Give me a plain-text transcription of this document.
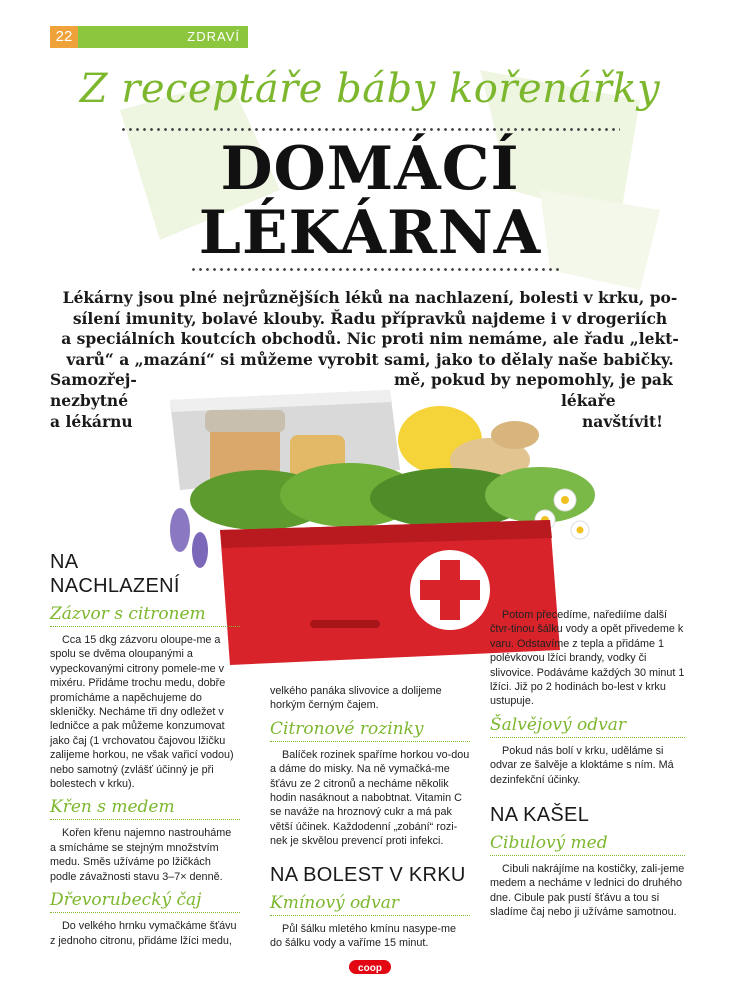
22	ZDRAVÍ
Z receptáře báby kořenářky
DOMÁCÍ
LÉKÁRNA
Lékárny jsou plné nejrůznějších léků na nachlazení, bolesti v krku, po-
sílení imunity, bolavé klouby. Řadu přípravků najdeme i v drogeriích
a speciálních koutcích obchodů. Nic proti nim nemáme, ale řadu „lekt-
varů“ a „mazání“ si můžeme vyrobit sami, jako to dělaly naše babičky.
Samozřej-
nezbytné
a lékárnu
mě, pokud by nepomohly, je pak
lékaře
navštívit!
NA
NACHLAZENÍ
Zázvor s citronem

Cca 15 dkg zázvoru oloupe-me a spolu se dvěma oloupanými a vypeckovanými citrony pomele-me v mixéru. Přidáme trochu medu, dobře promícháme a napěchujeme do skleničky. Necháme tři dny odležet v ledničce a pak můžeme konzumovat jako čaj (1 vrchovatou čajovou lžičku zalijeme horkou, ne však vařicí vodou) nebo samotný (zvlášť účinný je při bolestech v krku).

Křen s medem

Kořen křenu najemno nastrouháme a smícháme se stejným množstvím medu. Směs užíváme po lžičkách podle závažnosti stavu 3–7× denně.

Dřevorubecký čaj

Do velkého hrnku vymačkáme šťávu z jednoho citronu, přidáme lžíci medu,

velkého panáka slivovice a dolijeme horkým černým čajem.

Citronové rozinky

Balíček rozinek spaříme horkou vo-dou a dáme do misky. Na ně vymačká-me šťávu ze 2 citronů a necháme několik hodin nasáknout a nabobtnat. Vitamin C se naváže na hroznový cukr a má pak větší účinek. Každodenní „zobání“ rozi-nek je skvělou prevencí proti infekci.

NA BOLEST V KRKU
Kmínový odvar

Půl šálku mletého kmínu nasype-me do šálku vody a vaříme 15 minut.

Potom přecedíme, nařediíme další čtvr-tinou šálku vody a opět přivedeme k varu. Odstavíme z tepla a přidáme 1 polévkovou lžíci brandy, vodky či slivovice. Podáváme každých 30 minut 1 lžíci. Již po 2 hodinách bo-lest v krku ustupuje.

Šalvějový odvar

Pokud nás bolí v krku, uděláme si odvar ze šalvěje a kloktáme s ním. Má dezinfekční účinky.

NA KAŠEL
Cibulový med

Cibuli nakrájíme na kostičky, zali-jeme medem a necháme v lednici do druhého dne. Cibule pak pustí šťávu a tou si sladíme čaj nebo ji užíváme samotnou.

coop
